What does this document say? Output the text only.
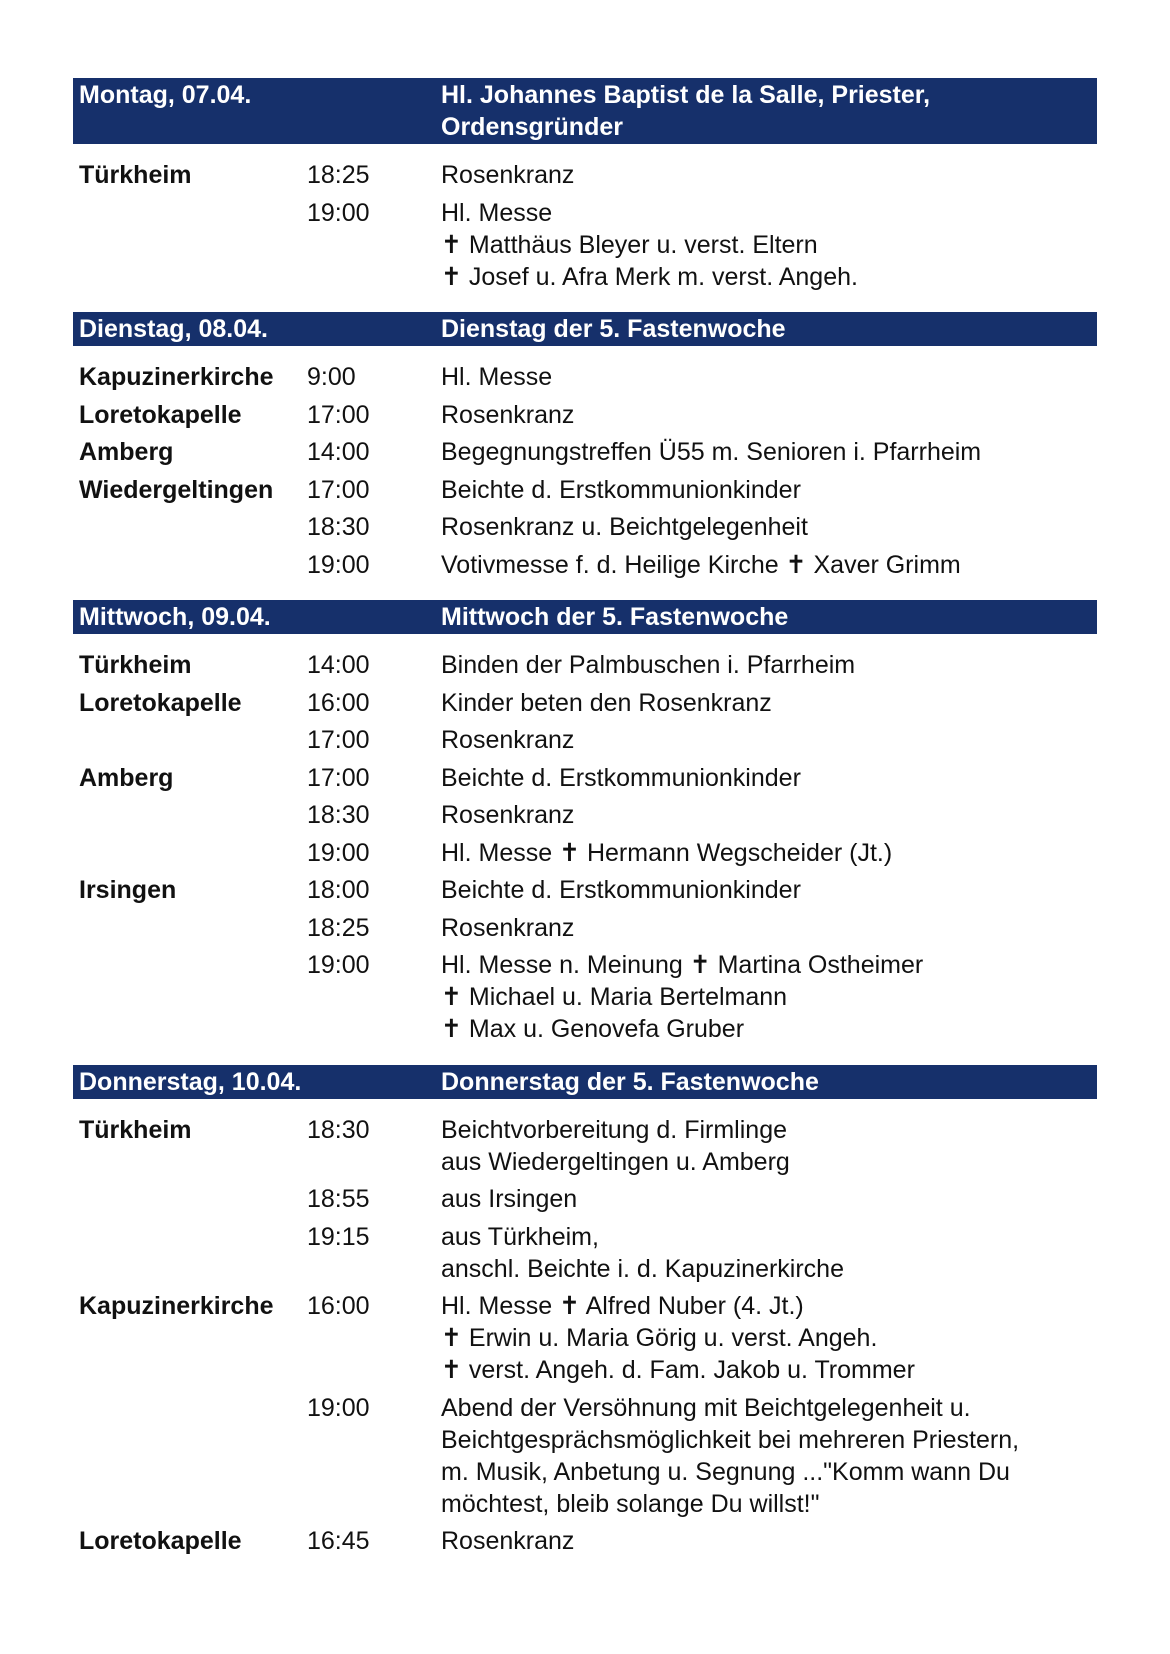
Montag, 07.04.	Hl. Johannes Baptist de la Salle, Priester, Ordensgründer
Türkheim	18:25	Rosenkranz
19:00	Hl. Messe
✝ Matthäus Bleyer u. verst. Eltern
✝ Josef u. Afra Merk m. verst. Angeh.
Dienstag, 08.04.	Dienstag der 5. Fastenwoche
Kapuzinerkirche	9:00	Hl. Messe
Loretokapelle	17:00	Rosenkranz
Amberg	14:00	Begegnungstreffen Ü55 m. Senioren i. Pfarrheim
Wiedergeltingen	17:00	Beichte d. Erstkommunionkinder
18:30	Rosenkranz u. Beichtgelegenheit
19:00	Votivmesse f. d. Heilige Kirche ✝ Xaver Grimm
Mittwoch, 09.04.	Mittwoch der 5. Fastenwoche
Türkheim	14:00	Binden der Palmbuschen i. Pfarrheim
Loretokapelle	16:00	Kinder beten den Rosenkranz
17:00	Rosenkranz
Amberg	17:00	Beichte d. Erstkommunionkinder
18:30	Rosenkranz
19:00	Hl. Messe ✝ Hermann Wegscheider (Jt.)
Irsingen	18:00	Beichte d. Erstkommunionkinder
18:25	Rosenkranz
19:00	Hl. Messe n. Meinung ✝ Martina Ostheimer
✝ Michael u. Maria Bertelmann
✝ Max u. Genovefa Gruber
Donnerstag, 10.04.	Donnerstag der 5. Fastenwoche
Türkheim	18:30	Beichtvorbereitung d. Firmlinge
aus Wiedergeltingen u. Amberg
18:55	aus Irsingen
19:15	aus Türkheim,
anschl. Beichte i. d. Kapuzinerkirche
Kapuzinerkirche	16:00	Hl. Messe ✝ Alfred Nuber (4. Jt.)
✝ Erwin u. Maria Görig u. verst. Angeh.
✝ verst. Angeh. d. Fam. Jakob u. Trommer
19:00	Abend der Versöhnung mit Beichtgelegenheit u.
Beichtgesprächsmöglichkeit bei mehreren Priestern,
m. Musik, Anbetung u. Segnung ..."Komm wann Du
möchtest, bleib solange Du willst!"
Loretokapelle	16:45	Rosenkranz
